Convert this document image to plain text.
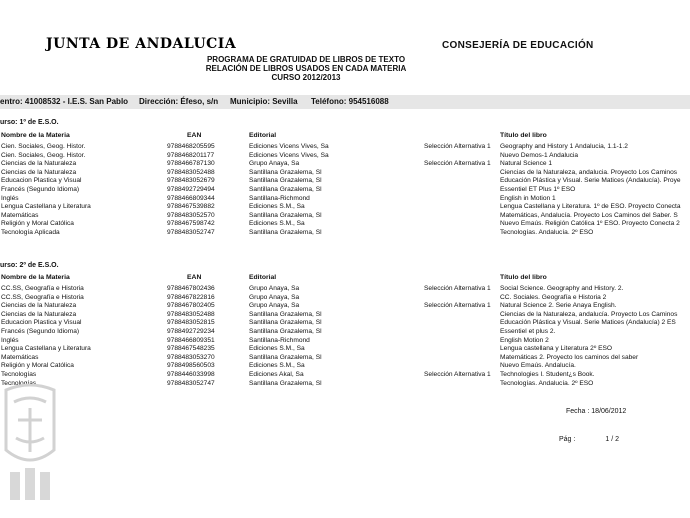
JUNTA DE ANDALUCIA	CONSEJERÍA DE EDUCACIÓN
PROGRAMA DE GRATUIDAD DE LIBROS DE TEXTO
RELACIÓN DE LIBROS USADOS EN CADA MATERIA
CURSO 2012/2013
entro: 41008532 - I.E.S. San Pablo Dirección: Éfeso, s/n Municipio: Sevilla Teléfono: 954516088
urso: 1º de E.S.O.
Nombre de la Materia	EAN	Editorial	Título del libro
Cien. Sociales, Geog. Histor.	9788468205595	Ediciones Vicens Vives, Sa	Selección Alternativa 1	Geography and History 1 Andalucia, 1.1-1.2
Cien. Sociales, Geog. Histor.	9788468201177	Ediciones Vicens Vives, Sa	Nuevo Demos-1 Andalucia
Ciencias de la Naturaleza	9788466787130	Grupo Anaya, Sa	Selección Alternativa 1	Natural Science 1
Ciencias de la Naturaleza	9788483052488	Santillana Grazalema, Sl	Ciencias de la Naturaleza, andalucia. Proyecto Los Caminos
Educacion Plastica y Visual	9788483052679	Santillana Grazalema, Sl	Educación Plástica y Visual. Serie Matices (Andalucía). Proye
Francés (Segundo Idioma)	9788492729494	Santillana Grazalema, Sl	Essentiel ET Plus 1º ESO
Inglés	9788466809344	Santillana-Richmond	English in Motion 1
Lengua Castellana y Literatura	9788467539882	Ediciones S.M., Sa	Lengua Castellana y Literatura. 1º de ESO. Proyecto Conecta
Matemáticas	9788483052570	Santillana Grazalema, Sl	Matemáticas, Andalucía. Proyecto Los Caminos del Saber. S
Religión y Moral Católica	9788467598742	Ediciones S.M., Sa	Nuevo Emaús. Religión Católica 1º ESO. Proyecto Conecta 2
Tecnología Aplicada	9788483052747	Santillana Grazalema, Sl	Tecnologías. Andalucía. 2º ESO
urso: 2º de E.S.O.
Nombre de la Materia	EAN	Editorial	Título del libro
CC.SS, Geografía e Historia	9788467802436	Grupo Anaya, Sa	Selección Alternativa 1	Social Science. Geography and History. 2.
CC.SS, Geografía e Historia	9788467822816	Grupo Anaya, Sa	CC. Sociales. Geografía e Historia 2
Ciencias de la Naturaleza	9788467802405	Grupo Anaya, Sa	Selección Alternativa 1	Natural Science 2. Serie Anaya English.
Ciencias de la Naturaleza	9788483052488	Santillana Grazalema, Sl	Ciencias de la Naturaleza, andalucía. Proyecto Los Caminos
Educacion Plastica y Visual	9788483052815	Santillana Grazalema, Sl	Educación Plástica y Visual. Serie Matices (Andalucía) 2 ES
Francés (Segundo Idioma)	9788492729234	Santillana Grazalema, Sl	Essentiel et plus 2.
Inglés	9788466809351	Santillana-Richmond	English Motion 2
Lengua Castellana y Literatura	9788467548235	Ediciones S.M., Sa	Lengua castellana y Literatura 2º ESO
Matemáticas	9788483053270	Santillana Grazalema, Sl	Matemáticas 2. Proyecto los caminos del saber
Religión y Moral Católica	9788498560503	Ediciones S.M., Sa	Nuevo Emaús. Andalucía.
Tecnologías	9788446033998	Ediciones Akal, Sa	Selección Alternativa 1	Technologies I. Student¿s Book.
Tecnologías	9788483052747	Santillana Grazalema, Sl	Tecnologías. Andalucía. 2º ESO
Fecha : 18/06/2012
Pág :	1 / 2
